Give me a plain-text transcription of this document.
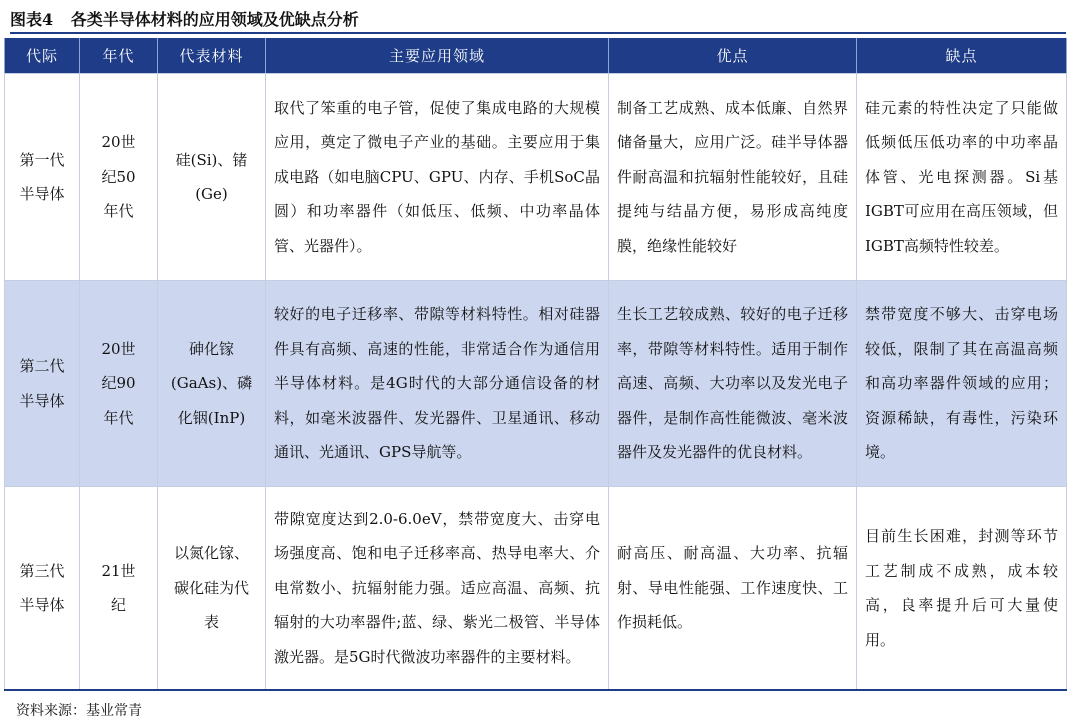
图表4 各类半导体材料的应用领域及优缺点分析
代际	年代	代表材料	主要应用领域	优点	缺点
第一代半导体	20世纪50年代	硅(Si)、锗(Ge)	取代了笨重的电子管，促使了集成电路的大规模应用，奠定了微电子产业的基础。主要应用于集成电路（如电脑CPU、GPU、内存、手机SoC晶圆）和功率器件（如低压、低频、中功率晶体管、光器件）。	制备工艺成熟、成本低廉、自然界储备量大，应用广泛。硅半导体器件耐高温和抗辐射性能较好，且硅提纯与结晶方便，易形成高纯度膜，绝缘性能较好	硅元素的特性决定了只能做低频低压低功率的中功率晶体管、光电探测器。Si基IGBT可应用在高压领域，但IGBT高频特性较差。
第二代半导体	20世纪90年代	砷化镓(GaAs)、磷化铟(InP)	较好的电子迁移率、带隙等材料特性。相对硅器件具有高频、高速的性能，非常适合作为通信用半导体材料。是4G时代的大部分通信设备的材料，如毫米波器件、发光器件、卫星通讯、移动通讯、光通讯、GPS导航等。	生长工艺较成熟、较好的电子迁移率，带隙等材料特性。适用于制作高速、高频、大功率以及发光电子器件，是制作高性能微波、毫米波器件及发光器件的优良材料。	禁带宽度不够大、击穿电场较低，限制了其在高温高频和高功率器件领域的应用；资源稀缺，有毒性，污染环境。
第三代半导体	21世纪	以氮化镓、碳化硅为代表	带隙宽度达到2.0-6.0eV，禁带宽度大、击穿电场强度高、饱和电子迁移率高、热导电率大、介电常数小、抗辐射能力强。适应高温、高频、抗辐射的大功率器件;蓝、绿、紫光二极管、半导体激光器。是5G时代微波功率器件的主要材料。	耐高压、耐高温、大功率、抗辐射、导电性能强、工作速度快、工作损耗低。	目前生长困难，封测等环节工艺制成不成熟，成本较高，良率提升后可大量使用。
资料来源：基业常青
